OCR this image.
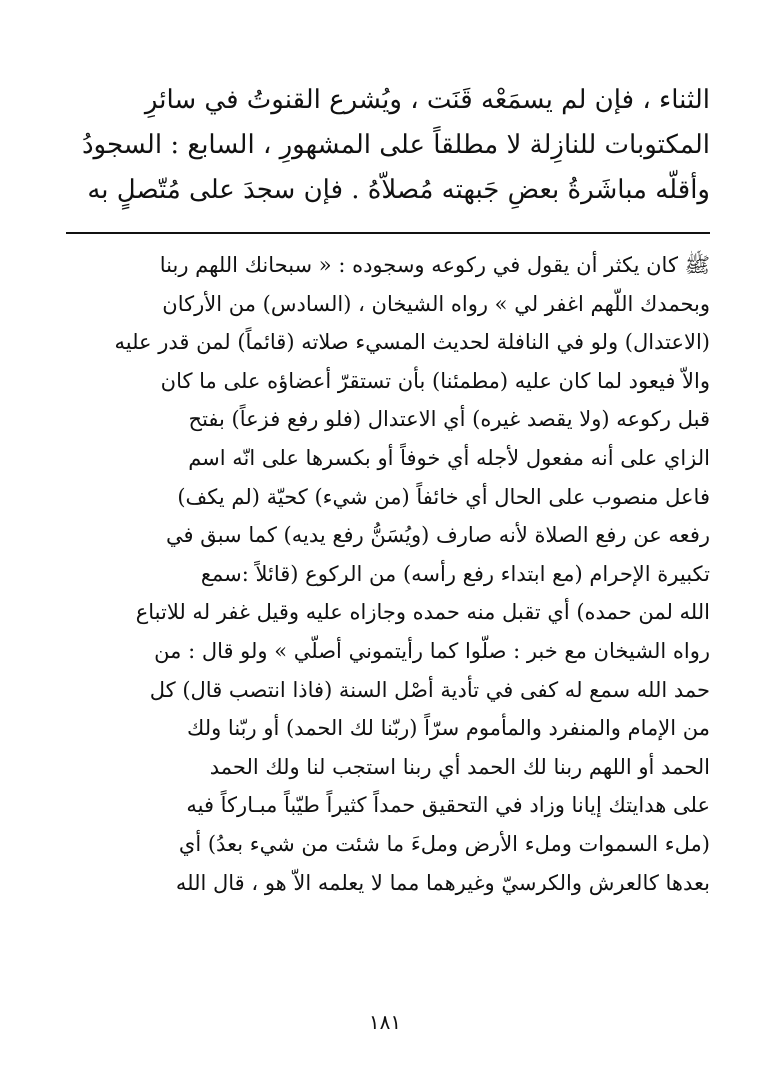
الثناء ، فإن لم يسمَعْه قَنَت ، ويُشرع القنوتُ في سائرِ
المكتوبات للنازِلة لا مطلقاً على المشهورِ ، السابع : السجودُ
وأقلّه مباشَرةُ بعضِ جَبهته مُصلاّهُ . فإن سجدَ على مُتّصلٍ به
ﷺ كان يكثر أن يقول في ركوعه وسجوده : « سبحانك اللهم ربنا
وبحمدك اللّهم اغفر لي » رواه الشيخان ، (السادس) من الأركان
(الاعتدال) ولو في النافلة لحديث المسيء صلاته (قائماً) لمن قدر عليه
والاّ فيعود لما كان عليه (مطمئنا) بأن تستقرّ أعضاؤه على ما كان
قبل ركوعه (ولا يقصد غيره) أي الاعتدال (فلو رفع فزعاً) بفتح
الزاي على أنه مفعول لأجله أي خوفاً أو بكسرها على انّه اسم
فاعل منصوب على الحال أي خائفاً (من شيء) كحيّة (لم يكف)
رفعه عن رفع الصلاة لأنه صارف (ويُسَنُّ رفع يديه) كما سبق في
تكبيرة الإحرام (مع ابتداء رفع رأسه) من الركوع (قائلاً :سمع
الله لمن حمده) أي تقبل منه حمده وجازاه عليه وقيل غفر له للاتباع
رواه الشيخان مع خبر : صلّوا كما رأيتموني أصلّي » ولو قال : من
حمد الله سمع له كفى في تأدية أصْل السنة (فاذا انتصب قال) كل
من الإمام والمنفرد والمأموم سرّاً (ربّنا لك الحمد) أو ربّنا ولك
الحمد أو اللهم ربنا لك الحمد أي ربنا استجب لنا ولك الحمد
على هدايتك إيانا وزاد في التحقيق حمداً كثيراً طيّباً مبـاركاً فيه
(ملء السموات وملء الأرض وملءَ ما شئت من شيء بعدُ) أي
بعدها كالعرش والكرسيّ وغيرهما مما لا يعلمه الاّ هو ، قال الله
١٨١
